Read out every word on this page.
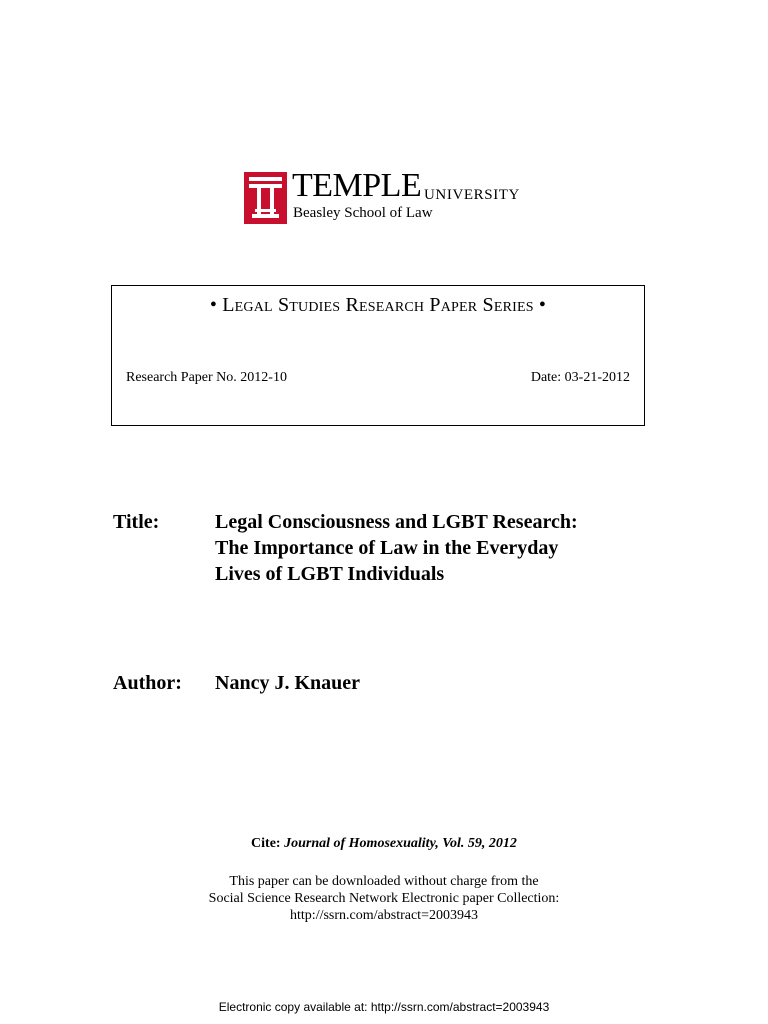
TEMPLE UNIVERSITY
Beasley School of Law
• Legal Studies Research Paper Series •
Research Paper No. 2012-10	Date: 03-21-2012
Title:	Legal Consciousness and LGBT Research:
The Importance of Law in the Everyday
Lives of LGBT Individuals
Author: Nancy J. Knauer
Cite: Journal of Homosexuality, Vol. 59, 2012
This paper can be downloaded without charge from the
Social Science Research Network Electronic paper Collection:
http://ssrn.com/abstract=2003943
Electronic copy available at: http://ssrn.com/abstract=2003943
